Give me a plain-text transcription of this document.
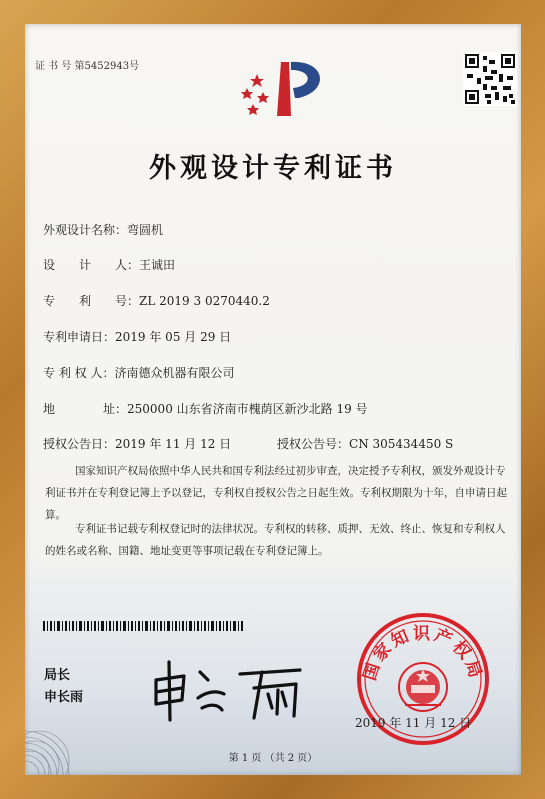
证 书 号 第5452943号
外观设计专利证书
外观设计名称：弯圆机
设　　计　　人：王诚田
专　　利　　号：ZL 2019 3 0270440.2
专利申请日：2019 年 05 月 29 日
专 利 权 人：济南德众机器有限公司
地　　　　址：250000 山东省济南市槐荫区新沙北路 19 号
授权公告日：2019 年 11 月 12 日	授权公告号：CN 305434450 S
国家知识产权局依照中华人民共和国专利法经过初步审查，决定授予专利权，颁发外观设计专利证书并在专利登记簿上予以登记，专利权自授权公告之日起生效。专利权期限为十年，自申请日起算。
专利证书记载专利权登记时的法律状况。专利权的转移、质押、无效、终止、恢复和专利权人的姓名或名称、国籍、地址变更等事项记载在专利登记簿上。
局长
申长雨
国家知识产权局
2019 年 11 月 12 日
第 1 页 （共 2 页）
